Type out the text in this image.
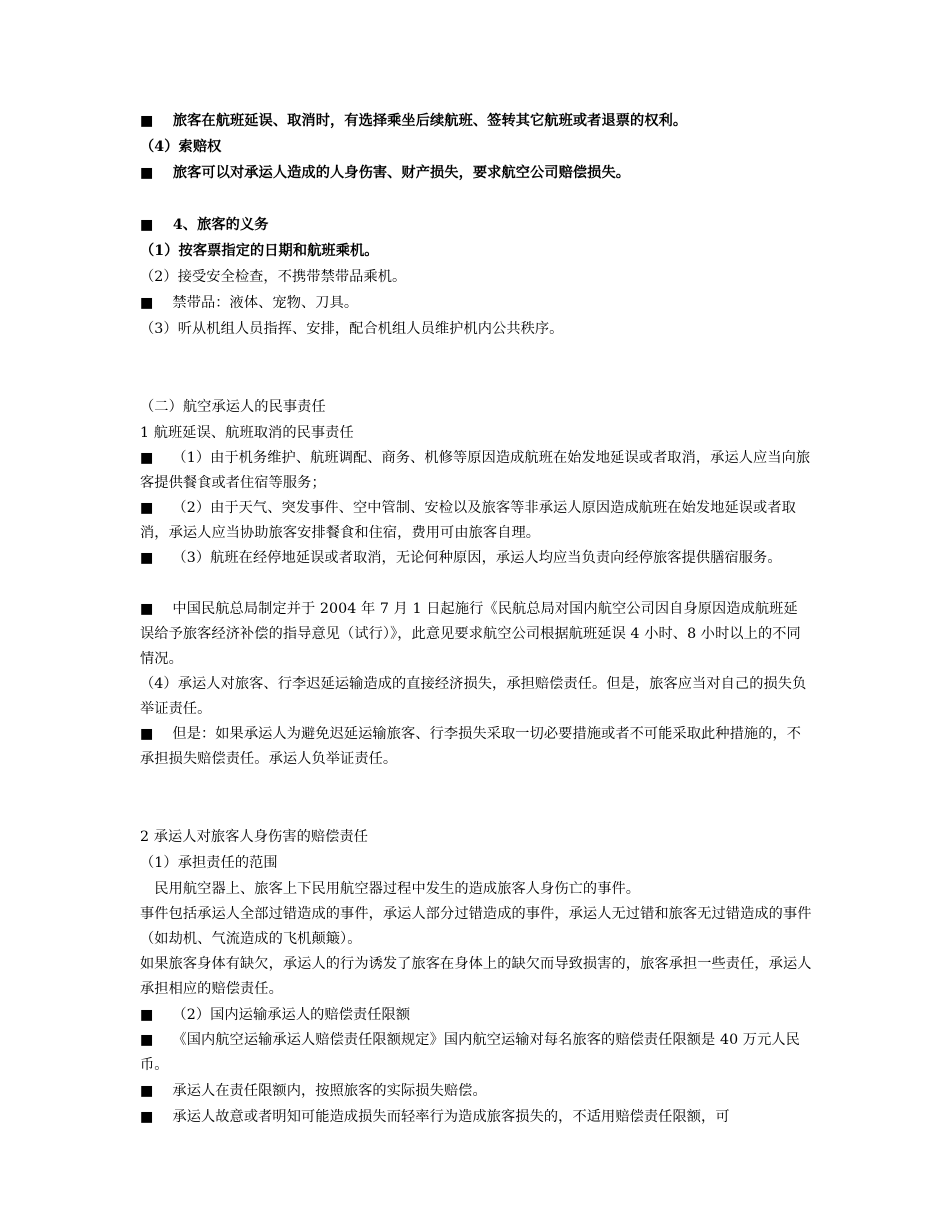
■　 旅客在航班延误、取消时，有选择乘坐后续航班、签转其它航班或者退票的权利。

（4）索赔权

■　 旅客可以对承运人造成的人身伤害、财产损失，要求航空公司赔偿损失。

■　 4、旅客的义务

（1）按客票指定的日期和航班乘机。

（2）接受安全检查，不携带禁带品乘机。

■　 禁带品：液体、宠物、刀具。

（3）听从机组人员指挥、安排，配合机组人员维护机内公共秩序。

（二）航空承运人的民事责任

1 航班延误、航班取消的民事责任

■　 （1）由于机务维护、航班调配、商务、机修等原因造成航班在始发地延误或者取消，承运人应当向旅客提供餐食或者住宿等服务；

■　 （2）由于天气、突发事件、空中管制、安检以及旅客等非承运人原因造成航班在始发地延误或者取消，承运人应当协助旅客安排餐食和住宿，费用可由旅客自理。

■　 （3）航班在经停地延误或者取消，无论何种原因，承运人均应当负责向经停旅客提供膳宿服务。

■　 中国民航总局制定并于 2004 年 7 月 1 日起施行《民航总局对国内航空公司因自身原因造成航班延误给予旅客经济补偿的指导意见（试行）》，此意见要求航空公司根据航班延误 4 小时、8 小时以上的不同情况。

（4）承运人对旅客、行李迟延运输造成的直接经济损失，承担赔偿责任。但是，旅客应当对自己的损失负举证责任。

■　 但是：如果承运人为避免迟延运输旅客、行李损失采取一切必要措施或者不可能采取此种措施的，不承担损失赔偿责任。承运人负举证责任。

2 承运人对旅客人身伤害的赔偿责任

（1）承担责任的范围

　民用航空器上、旅客上下民用航空器过程中发生的造成旅客人身伤亡的事件。

事件包括承运人全部过错造成的事件，承运人部分过错造成的事件，承运人无过错和旅客无过错造成的事件（如劫机、气流造成的飞机颠簸）。

如果旅客身体有缺欠，承运人的行为诱发了旅客在身体上的缺欠而导致损害的，旅客承担一些责任，承运人承担相应的赔偿责任。

■　 （2）国内运输承运人的赔偿责任限额

■　 《国内航空运输承运人赔偿责任限额规定》国内航空运输对每名旅客的赔偿责任限额是 40 万元人民币。

■　 承运人在责任限额内，按照旅客的实际损失赔偿。

■　 承运人故意或者明知可能造成损失而轻率行为造成旅客损失的，不适用赔偿责任限额，可
